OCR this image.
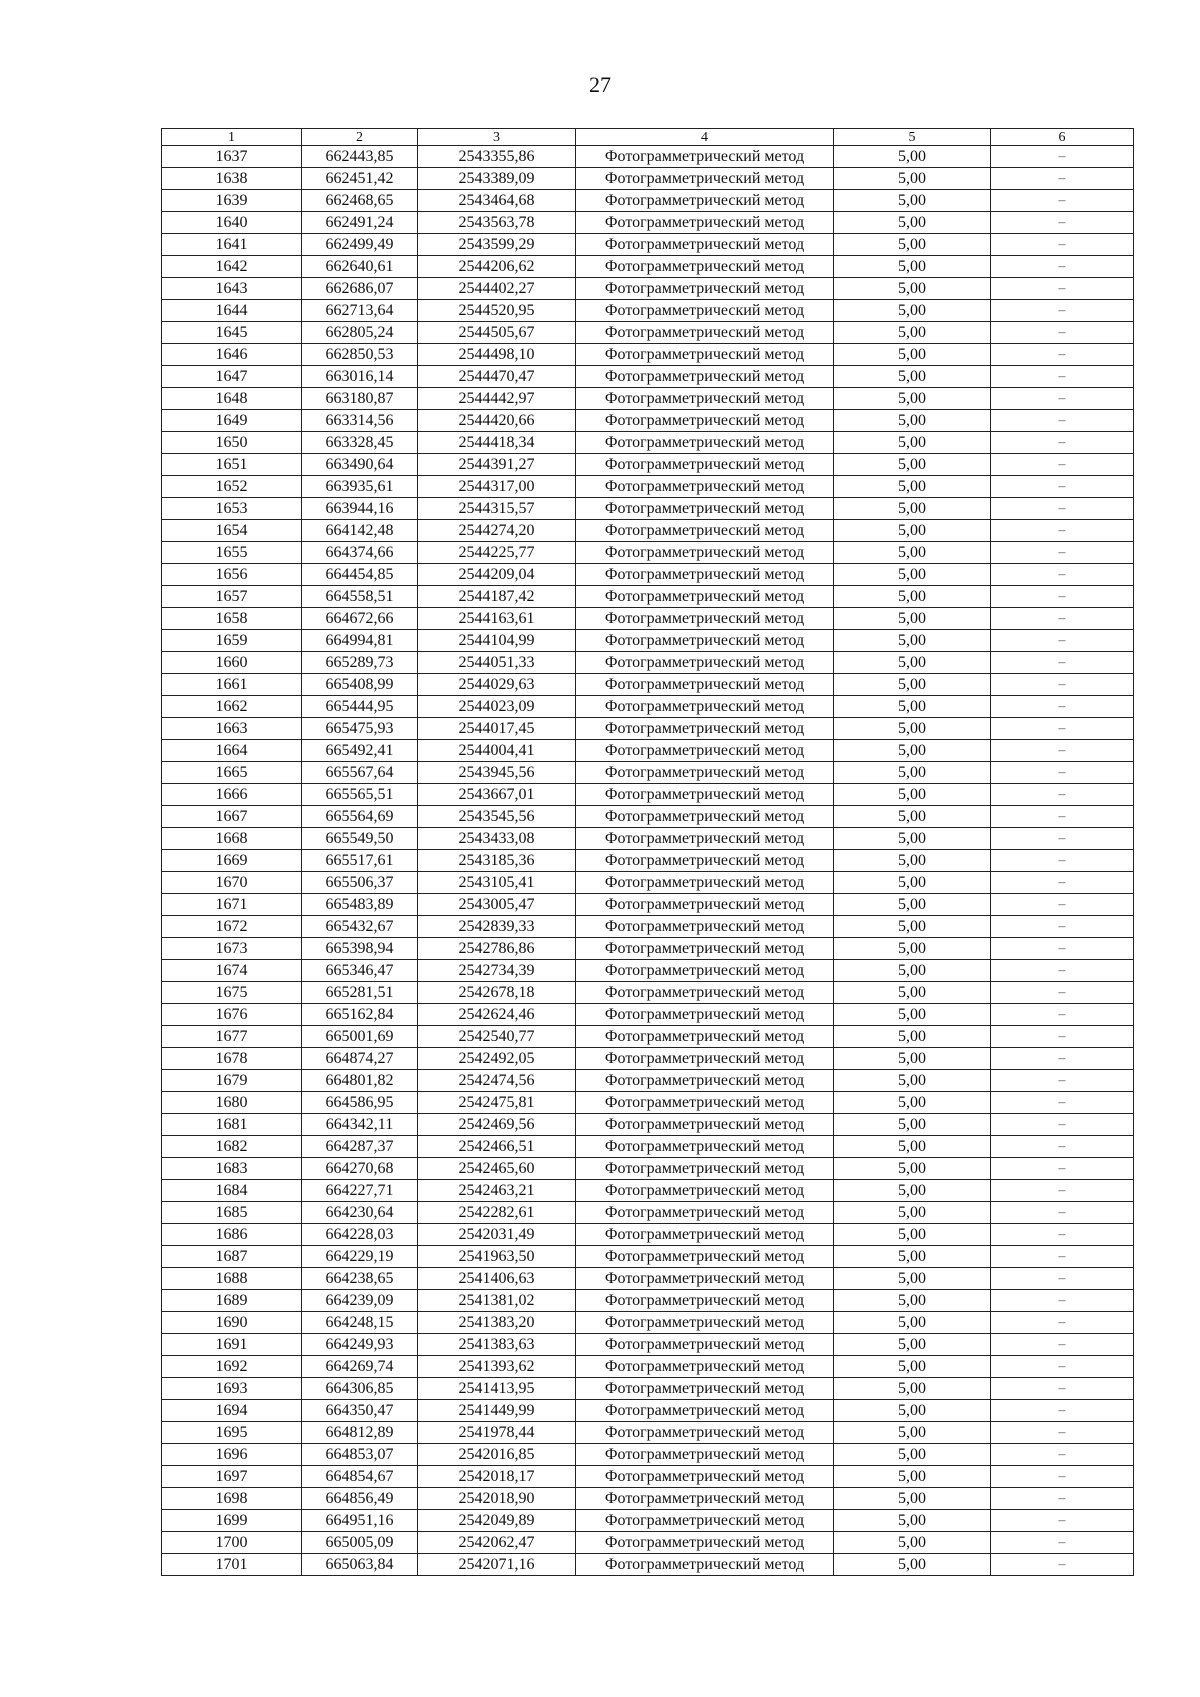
27
1	2	3	4	5	6
1637	662443,85	2543355,86	Фотограмметрический метод	5,00	–
1638	662451,42	2543389,09	Фотограмметрический метод	5,00	–
1639	662468,65	2543464,68	Фотограмметрический метод	5,00	–
1640	662491,24	2543563,78	Фотограмметрический метод	5,00	–
1641	662499,49	2543599,29	Фотограмметрический метод	5,00	–
1642	662640,61	2544206,62	Фотограмметрический метод	5,00	–
1643	662686,07	2544402,27	Фотограмметрический метод	5,00	–
1644	662713,64	2544520,95	Фотограмметрический метод	5,00	–
1645	662805,24	2544505,67	Фотограмметрический метод	5,00	–
1646	662850,53	2544498,10	Фотограмметрический метод	5,00	–
1647	663016,14	2544470,47	Фотограмметрический метод	5,00	–
1648	663180,87	2544442,97	Фотограмметрический метод	5,00	–
1649	663314,56	2544420,66	Фотограмметрический метод	5,00	–
1650	663328,45	2544418,34	Фотограмметрический метод	5,00	–
1651	663490,64	2544391,27	Фотограмметрический метод	5,00	–
1652	663935,61	2544317,00	Фотограмметрический метод	5,00	–
1653	663944,16	2544315,57	Фотограмметрический метод	5,00	–
1654	664142,48	2544274,20	Фотограмметрический метод	5,00	–
1655	664374,66	2544225,77	Фотограмметрический метод	5,00	–
1656	664454,85	2544209,04	Фотограмметрический метод	5,00	–
1657	664558,51	2544187,42	Фотограмметрический метод	5,00	–
1658	664672,66	2544163,61	Фотограмметрический метод	5,00	–
1659	664994,81	2544104,99	Фотограмметрический метод	5,00	–
1660	665289,73	2544051,33	Фотограмметрический метод	5,00	–
1661	665408,99	2544029,63	Фотограмметрический метод	5,00	–
1662	665444,95	2544023,09	Фотограмметрический метод	5,00	–
1663	665475,93	2544017,45	Фотограмметрический метод	5,00	–
1664	665492,41	2544004,41	Фотограмметрический метод	5,00	–
1665	665567,64	2543945,56	Фотограмметрический метод	5,00	–
1666	665565,51	2543667,01	Фотограмметрический метод	5,00	–
1667	665564,69	2543545,56	Фотограмметрический метод	5,00	–
1668	665549,50	2543433,08	Фотограмметрический метод	5,00	–
1669	665517,61	2543185,36	Фотограмметрический метод	5,00	–
1670	665506,37	2543105,41	Фотограмметрический метод	5,00	–
1671	665483,89	2543005,47	Фотограмметрический метод	5,00	–
1672	665432,67	2542839,33	Фотограмметрический метод	5,00	–
1673	665398,94	2542786,86	Фотограмметрический метод	5,00	–
1674	665346,47	2542734,39	Фотограмметрический метод	5,00	–
1675	665281,51	2542678,18	Фотограмметрический метод	5,00	–
1676	665162,84	2542624,46	Фотограмметрический метод	5,00	–
1677	665001,69	2542540,77	Фотограмметрический метод	5,00	–
1678	664874,27	2542492,05	Фотограмметрический метод	5,00	–
1679	664801,82	2542474,56	Фотограмметрический метод	5,00	–
1680	664586,95	2542475,81	Фотограмметрический метод	5,00	–
1681	664342,11	2542469,56	Фотограмметрический метод	5,00	–
1682	664287,37	2542466,51	Фотограмметрический метод	5,00	–
1683	664270,68	2542465,60	Фотограмметрический метод	5,00	–
1684	664227,71	2542463,21	Фотограмметрический метод	5,00	–
1685	664230,64	2542282,61	Фотограмметрический метод	5,00	–
1686	664228,03	2542031,49	Фотограмметрический метод	5,00	–
1687	664229,19	2541963,50	Фотограмметрический метод	5,00	–
1688	664238,65	2541406,63	Фотограмметрический метод	5,00	–
1689	664239,09	2541381,02	Фотограмметрический метод	5,00	–
1690	664248,15	2541383,20	Фотограмметрический метод	5,00	–
1691	664249,93	2541383,63	Фотограмметрический метод	5,00	–
1692	664269,74	2541393,62	Фотограмметрический метод	5,00	–
1693	664306,85	2541413,95	Фотограмметрический метод	5,00	–
1694	664350,47	2541449,99	Фотограмметрический метод	5,00	–
1695	664812,89	2541978,44	Фотограмметрический метод	5,00	–
1696	664853,07	2542016,85	Фотограмметрический метод	5,00	–
1697	664854,67	2542018,17	Фотограмметрический метод	5,00	–
1698	664856,49	2542018,90	Фотограмметрический метод	5,00	–
1699	664951,16	2542049,89	Фотограмметрический метод	5,00	–
1700	665005,09	2542062,47	Фотограмметрический метод	5,00	–
1701	665063,84	2542071,16	Фотограмметрический метод	5,00	–
